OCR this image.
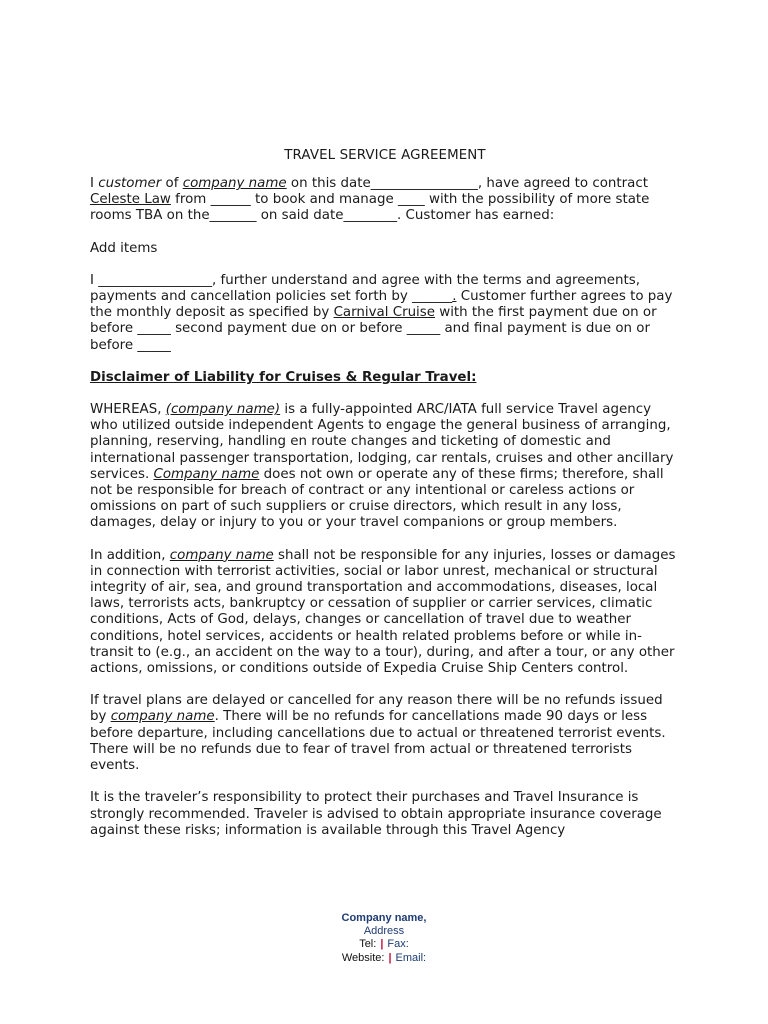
TRAVEL SERVICE AGREEMENT

I customer of company name on this date________________, have agreed to contract Celeste Law from ______ to book and manage ____ with the possibility of more state rooms TBA on the_______ on said date________. Customer has earned:

Add items

I _________________, further understand and agree with the terms and agreements, payments and cancellation policies set forth by ______. Customer further agrees to pay the monthly deposit as specified by Carnival Cruise with the first payment due on or before _____ second payment due on or before _____ and final payment is due on or before _____

Disclaimer of Liability for Cruises & Regular Travel:

WHEREAS, (company name) is a fully-appointed ARC/IATA full service Travel agency who utilized outside independent Agents to engage the general business of arranging, planning, reserving, handling en route changes and ticketing of domestic and international passenger transportation, lodging, car rentals, cruises and other ancillary services. Company name does not own or operate any of these firms; therefore, shall not be responsible for breach of contract or any intentional or careless actions or omissions on part of such suppliers or cruise directors, which result in any loss, damages, delay or injury to you or your travel companions or group members.

In addition, company name shall not be responsible for any injuries, losses or damages in connection with terrorist activities, social or labor unrest, mechanical or structural integrity of air, sea, and ground transportation and accommodations, diseases, local laws, terrorists acts, bankruptcy or cessation of supplier or carrier services, climatic conditions, Acts of God, delays, changes or cancellation of travel due to weather conditions, hotel services, accidents or health related problems before or while in-transit to (e.g., an accident on the way to a tour), during, and after a tour, or any other actions, omissions, or conditions outside of Expedia Cruise Ship Centers control.

If travel plans are delayed or cancelled for any reason there will be no refunds issued by company name. There will be no refunds for cancellations made 90 days or less before departure, including cancellations due to actual or threatened terrorist events. There will be no refunds due to fear of travel from actual or threatened terrorists events.

It is the traveler’s responsibility to protect their purchases and Travel Insurance is strongly recommended. Traveler is advised to obtain appropriate insurance coverage against these risks; information is available through this Travel Agency

Company name,
Address
Tel: | Fax:
Website: | Email:
